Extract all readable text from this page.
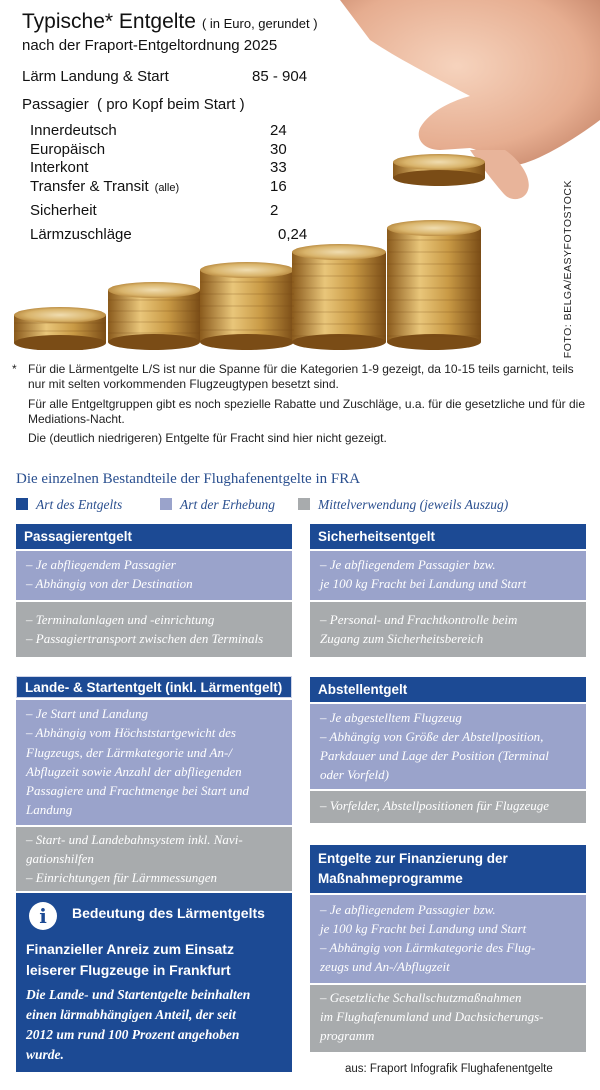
Typische* Entgelte ( in Euro, gerundet )
nach der Fraport-Entgeltordnung 2025
Lärm Landung & Start	85 - 904
Passagier ( pro Kopf beim Start )
Innerdeutsch	24
Europäisch	30
Interkont	33
Transfer & Transit (alle)	16
Sicherheit	2
Lärmzuschläge	0,24	FOTO: BELGA/EASYFOTOSTOCK
* Für die Lärmentgelte L/S ist nur die Spanne für die Kategorien 1-9 gezeigt, da 10-15 teils garnicht, teils nur mit selten vorkommenden Flugzeugtypen besetzt sind.
Für alle Entgeltgruppen gibt es noch spezielle Rabatte und Zuschläge, u.a. für die gesetzliche und für die Mediations-Nacht.
Die (deutlich niedrigeren) Entgelte für Fracht sind hier nicht gezeigt.
Die einzelnen Bestandteile der Flughafenentgelte in FRA
Art des Entgelts	Art der Erhebung	Mittelverwendung (jeweils Auszug)
Passagierentgelt
– Je abfliegendem Passagier
– Abhängig von der Destination
– Terminalanlagen und -einrichtung
– Passagiertransport zwischen den Terminals
Sicherheitsentgelt
– Je abfliegendem Passagier bzw.
je 100 kg Fracht bei Landung und Start
– Personal- und Frachtkontrolle beim
Zugang zum Sicherheitsbereich
Lande- & Startentgelt (inkl. Lärmentgelt)
– Je Start und Landung
– Abhängig vom Höchststartgewicht des
Flugzeugs, der Lärmkategorie und An-/
Abflugzeit sowie Anzahl der abfliegenden
Passagiere und Frachtmenge bei Start und
Landung
– Start- und Landebahnsystem inkl. Navi-
gationshilfen
– Einrichtungen für Lärmmessungen
i	Bedeutung des Lärmentgelts
Finanzieller Anreiz zum Einsatz
leiserer Flugzeuge in Frankfurt
Die Lande- und Startentgelte beinhalten
einen lärmabhängigen Anteil, der seit
2012 um rund 100 Prozent angehoben
wurde.
Abstellentgelt
– Je abgestelltem Flugzeug
– Abhängig von Größe der Abstellposition,
Parkdauer und Lage der Position (Terminal
oder Vorfeld)
– Vorfelder, Abstellpositionen für Flugzeuge
Entgelte zur Finanzierung der
Maßnahmeprogramme
– Je abfliegendem Passagier bzw.
je 100 kg Fracht bei Landung und Start
– Abhängig von Lärmkategorie des Flug-
zeugs und An-/Abflugzeit
– Gesetzliche Schallschutzmaßnahmen
im Flughafenumland und Dachsicherungs-
programm
aus: Fraport Infografik Flughafenentgelte
